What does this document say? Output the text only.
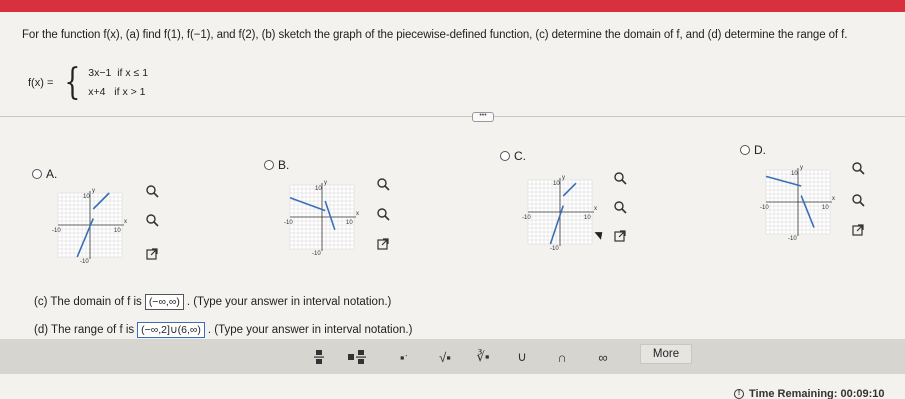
For the function f(x), (a) find f(1), f(−1), and f(2), (b) sketch the graph of the piecewise-defined function, (c) determine the domain of f, and (d) determine the range of f.
f(x) = { 3x−1 if x ≤ 1
x+4 if x > 1
•••
A.
y
x
10
-10
10
-10
B.
y
x
10
-10
10
-10
C.
y
x
10
-10
10
-10
D.
y
x
10
-10
10
-10
(c) The domain of f is (−∞,∞) . (Type your answer in interval notation.)
(d) The range of f is (−∞,2]∪(6,∞) . (Type your answer in interval notation.)
▪ˑ	√▪ ∛▪	∪	∩	∞	More
! Time Remaining:
00:09:10
